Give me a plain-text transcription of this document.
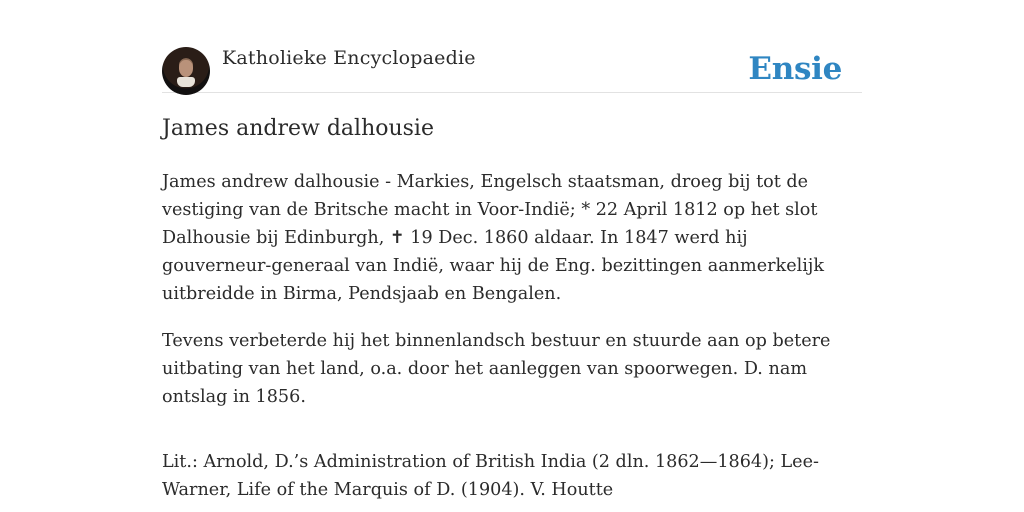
Katholieke Encyclopaedie	Ensie
James andrew dalhousie

James andrew dalhousie - Markies, Engelsch staatsman, droeg bij tot de vestiging van de Britsche macht in Voor-Indië; * 22 April 1812 op het slot Dalhousie bij Edinburgh, ✝ 19 Dec. 1860 aldaar. In 1847 werd hij gouverneur-generaal van Indië, waar hij de Eng. bezittingen aanmerkelijk uitbreidde in Birma, Pendsjaab en Bengalen.

Tevens verbeterde hij het binnenlandsch bestuur en stuurde aan op betere uitbating van het land, o.a. door het aanleggen van spoorwegen. D. nam ontslag in 1856.

Lit.: Arnold, D.’s Administration of British India (2 dln. 1862—1864); Lee-Warner, Life of the Marquis of D. (1904). V. Houtte
